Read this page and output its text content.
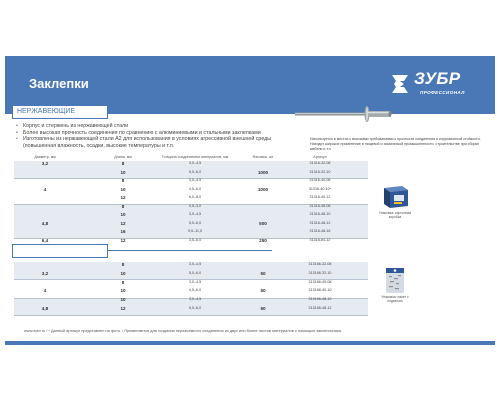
Заклепки	ЗУБР
ПРОФЕССИОНАЛ
НЕРЖАВЕЮЩИЕ
• Корпус и стержень из нержавеющей стали
• Более высокая прочность соединения по сравнению с алюминиевыми и стальными заклепками
• Изготовлены из нержавеющей стали А2 для использования в условиях агрессивной внешней среды (повышенная влажность, осадки, высокие температуры и т.п.
Используется в местах с высокими требованиями к прочности соединения и коррозионной стойкости. Находит широкое применение в пищевой и химической промышленности, строительстве при сборке мебели и т.п.
Диаметр, мм	Длина, мм	Толщина соединяемых материалов, мм	Фасовка, шт	Артикул
3,2	8	3,0–4,5	31316-32-08
10	5,0–6,0	1000	31316-32-10
8	3,0–4,5	31316-40-08
4	10	4,5–6,0	1000	31316-40-10*
12	6,0–8,0	31316-40-12
8	0,5–3,0	31316-48-08
10	3,0–4,5	31316-48-10
4,8	12	5,0–6,0	500	31316-48-12
16	9,5–11,0	31316-48-16
6,4	12	3,5–6,0	250	31316-64-12
Упаковка: картонная коробка
8	3,0–4,5	313166-32-08
3,2	10	5,0–6,0	50	313166-32-10
8	3,0–4,5	313166-40-08
4	10	4,5–6,0	50	313166-40-10
10	3,0–4,5	313166-48-10
4,8	12	5,0–6,0	50	313166-48-12
Упаковка: пакет с подвесом
www.zubr.ru / * Данный артикул представлен на фото. / Применяются для создания неразъемного соединения из двух или более листов материалов с помощью заклепочника.
